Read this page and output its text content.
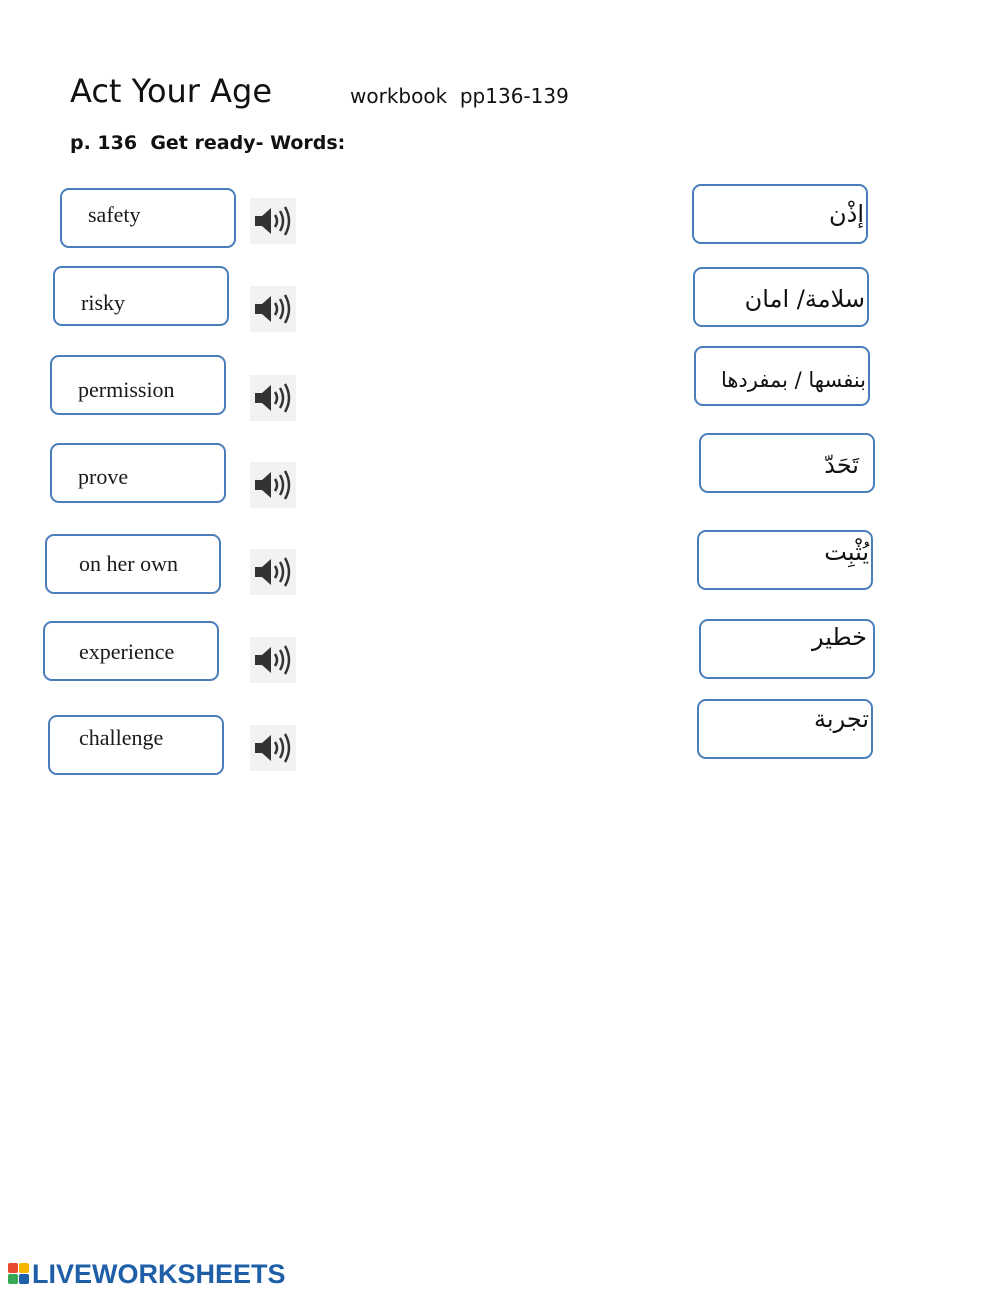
Act Your Age	workbook  pp136-139
p. 136  Get ready- Words:
safety
risky
permission
prove
on her own
experience
challenge
إذْن
سلامة/ امان
بنفسها / بمفردها
تَحَدّ
يُثْبِت
خطير
تجربة
LIVEWORKSHEETS
